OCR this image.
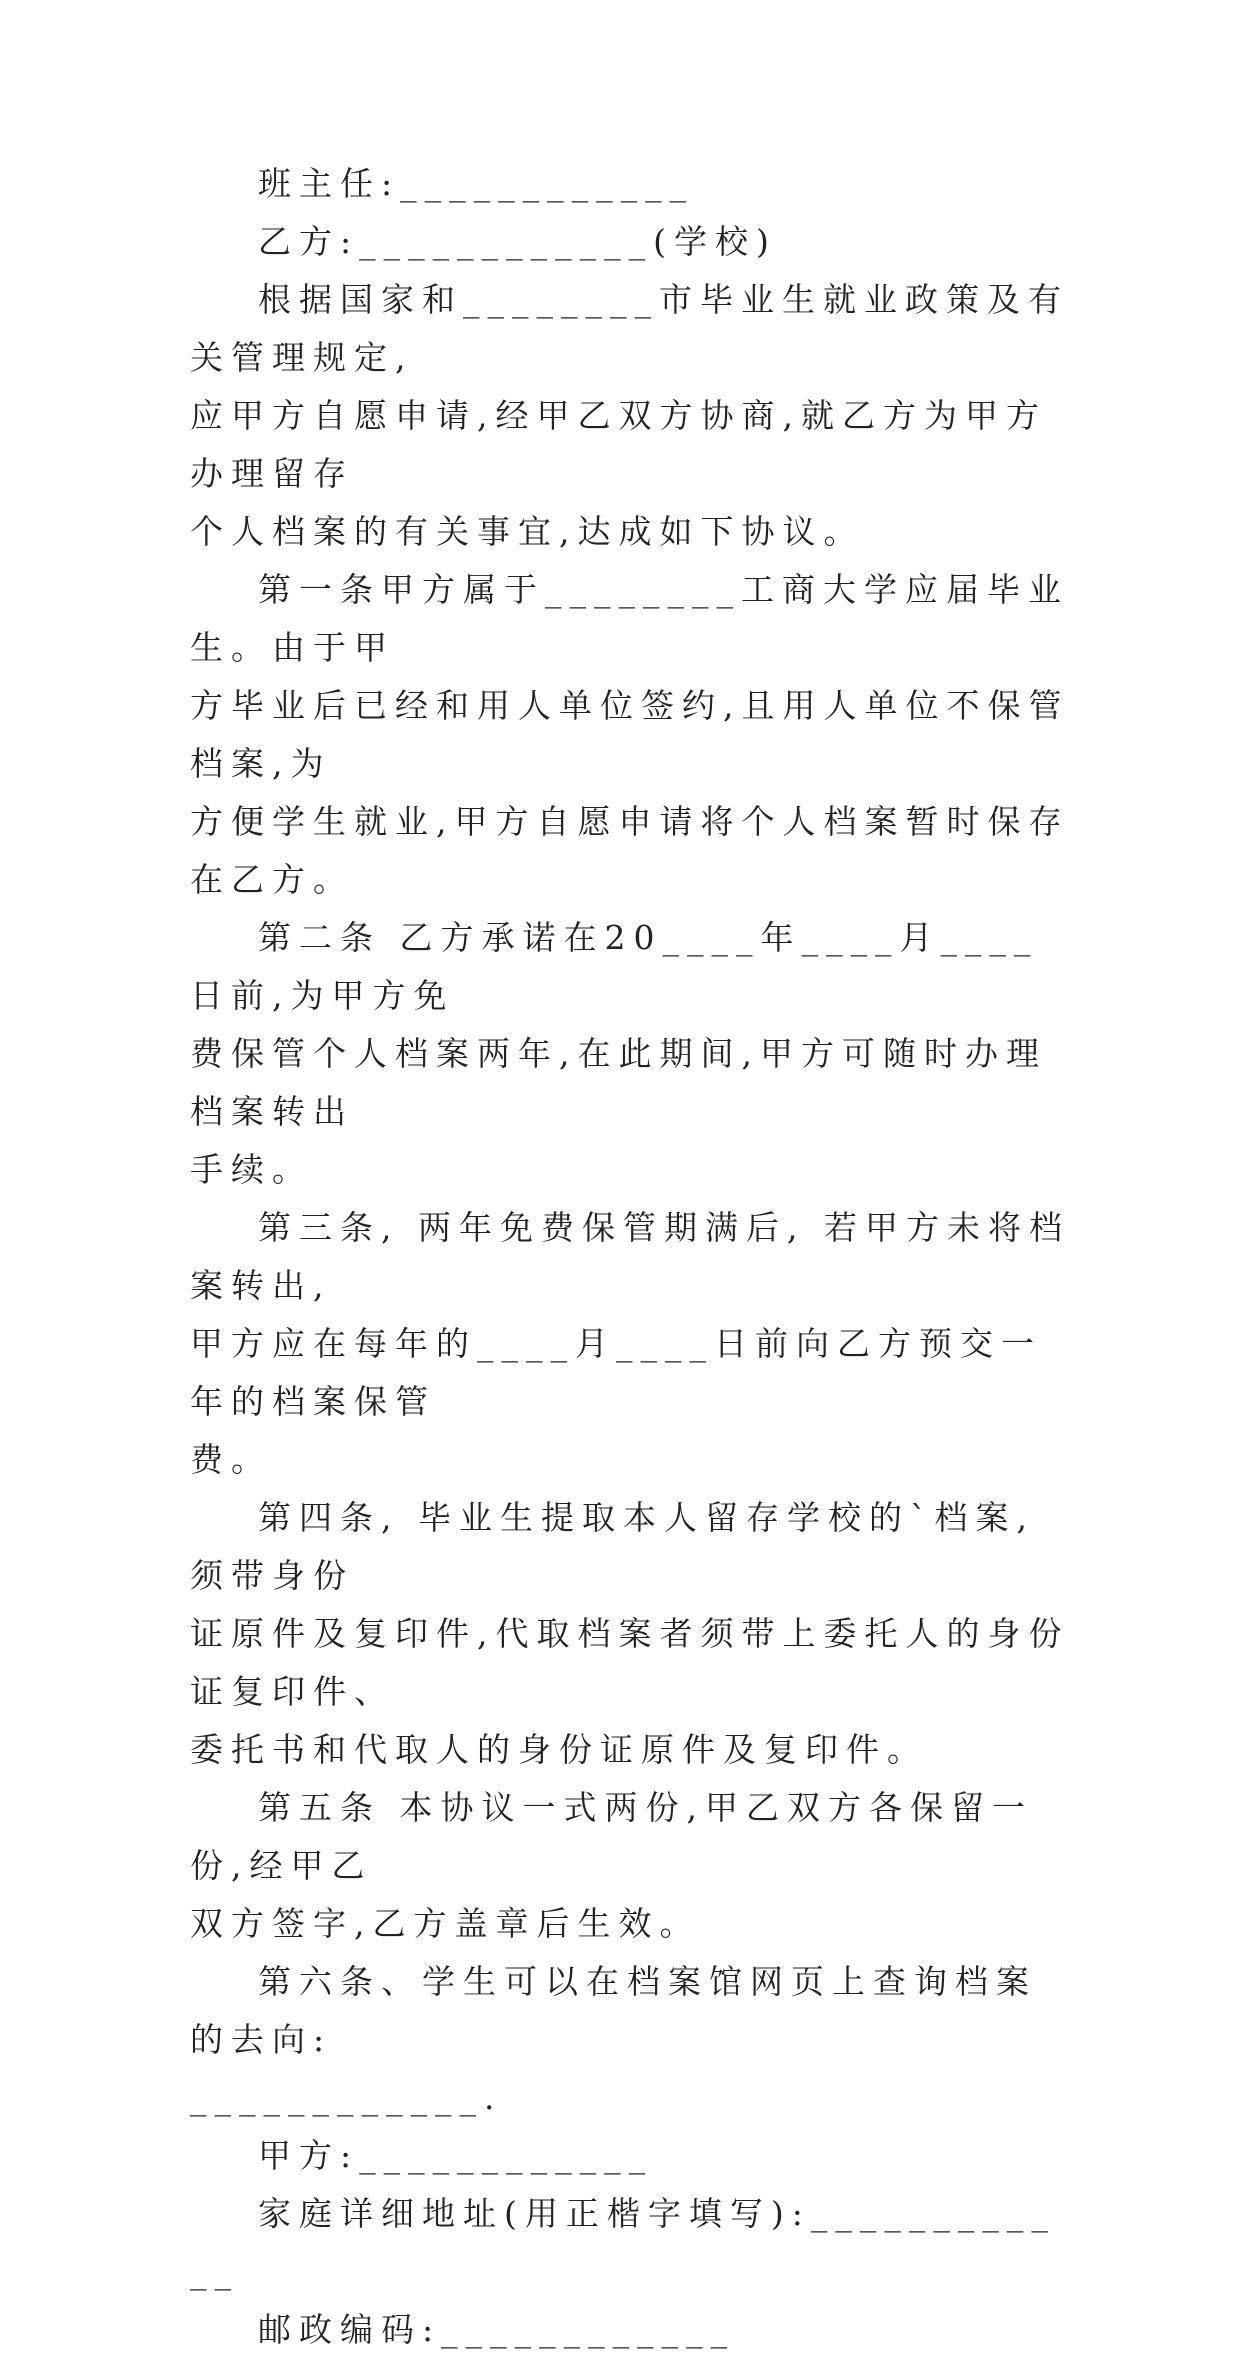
班主任:____________

乙方:____________(学校)

根据国家和________市毕业生就业政策及有关管理规定,

应甲方自愿申请,经甲乙双方协商,就乙方为甲方办理留存

个人档案的有关事宜,达成如下协议。

第一条甲方属于________工商大学应届毕业生。由于甲

方毕业后已经和用人单位签约,且用人单位不保管档案,为

方便学生就业,甲方自愿申请将个人档案暂时保存在乙方。

第二条 乙方承诺在20____年____月____日前,为甲方免

费保管个人档案两年,在此期间,甲方可随时办理档案转出

手续。

第三条, 两年免费保管期满后, 若甲方未将档案转出,

甲方应在每年的____月____日前向乙方预交一年的档案保管

费。

第四条, 毕业生提取本人留存学校的`档案, 须带身份

证原件及复印件,代取档案者须带上委托人的身份证复印件、

委托书和代取人的身份证原件及复印件。

第五条 本协议一式两份,甲乙双方各保留一份,经甲乙

双方签字,乙方盖章后生效。

第六条、学生可以在档案馆网页上查询档案的去向:

____________.

甲方:____________

家庭详细地址(用正楷字填写):____________

邮政编码:____________
